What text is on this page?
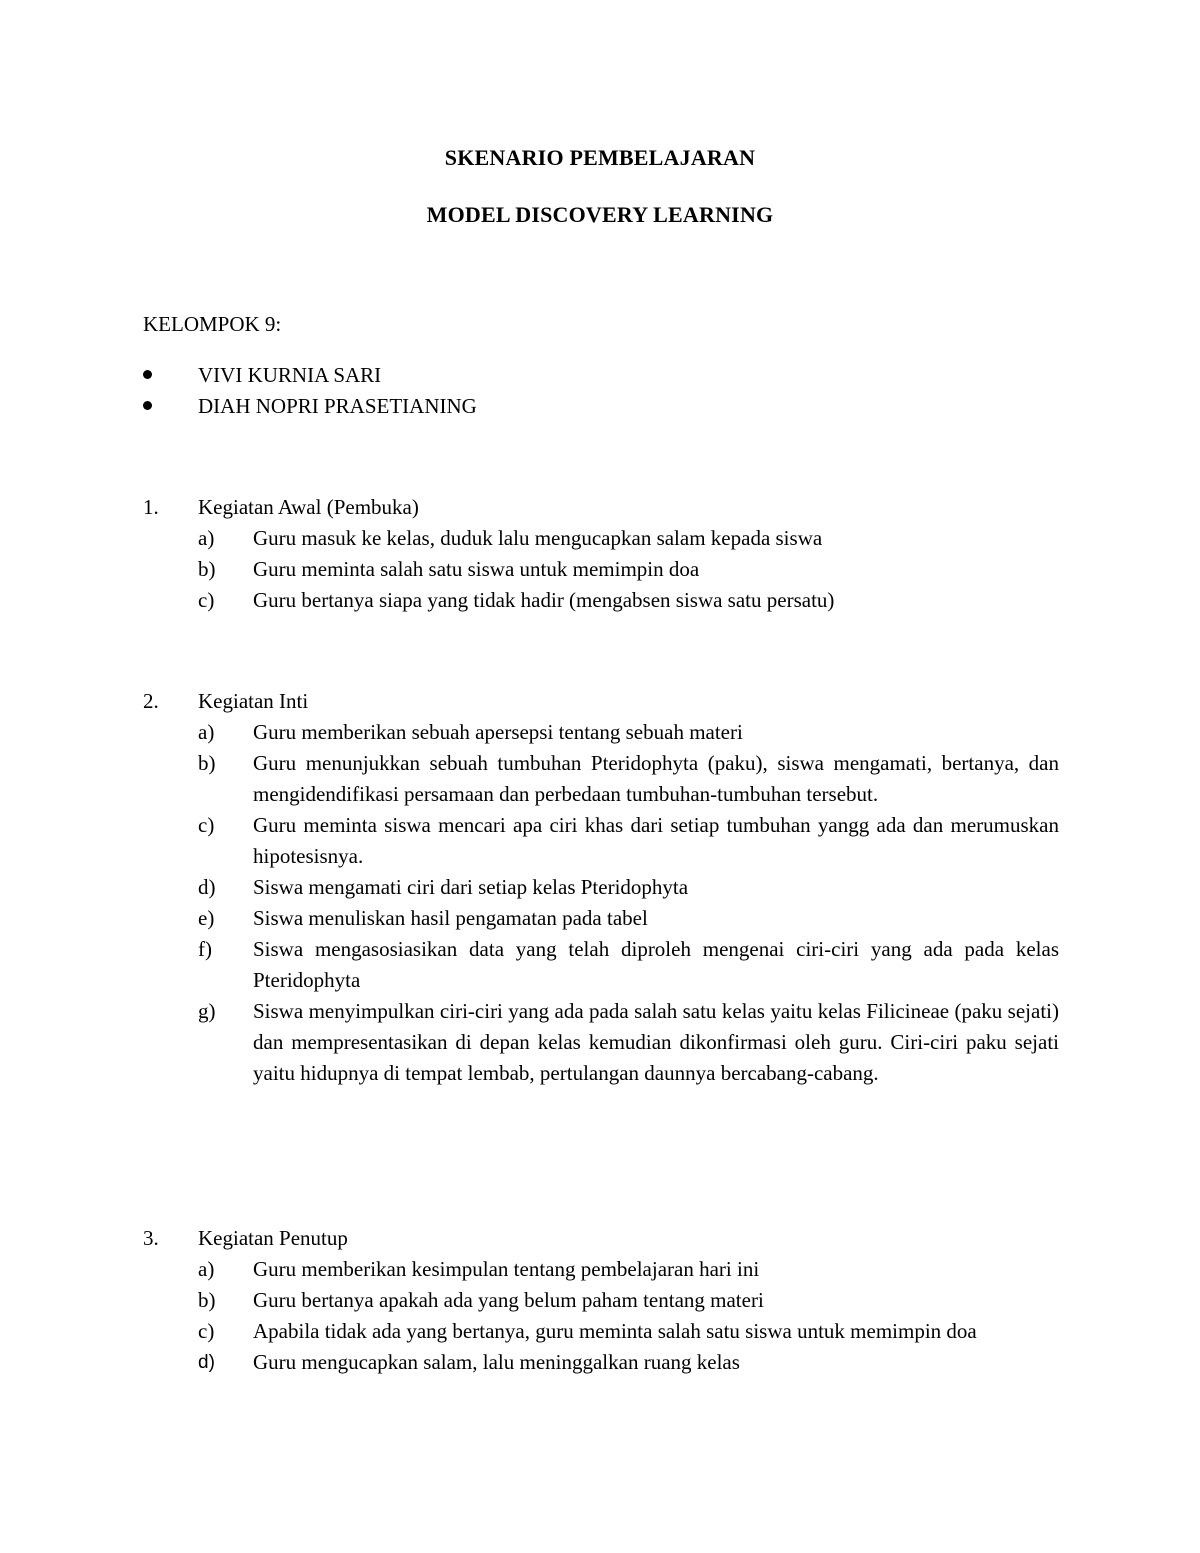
SKENARIO PEMBELAJARAN
MODEL DISCOVERY LEARNING
KELOMPOK 9:
VIVI KURNIA SARI
DIAH NOPRI PRASETIANING
1. Kegiatan Awal (Pembuka)
a) Guru masuk ke kelas, duduk lalu mengucapkan salam kepada siswa
b) Guru meminta salah satu siswa untuk memimpin doa
c) Guru bertanya siapa yang tidak hadir (mengabsen siswa satu persatu)
2. Kegiatan Inti
a) Guru memberikan sebuah apersepsi tentang sebuah materi
b) Guru menunjukkan sebuah tumbuhan Pteridophyta (paku), siswa mengamati, bertanya, dan mengidendifikasi persamaan dan perbedaan tumbuhan-tumbuhan tersebut.
c) Guru meminta siswa mencari apa ciri khas dari setiap tumbuhan yangg ada dan merumuskan hipotesisnya.
d) Siswa mengamati ciri dari setiap kelas Pteridophyta
e) Siswa menuliskan hasil pengamatan pada tabel
f) Siswa mengasosiasikan data yang telah diproleh mengenai ciri-ciri yang ada pada kelas Pteridophyta
g) Siswa menyimpulkan ciri-ciri yang ada pada salah satu kelas yaitu kelas Filicineae (paku sejati) dan mempresentasikan di depan kelas kemudian dikonfirmasi oleh guru. Ciri-ciri paku sejati yaitu hidupnya di tempat lembab, pertulangan daunnya bercabang-cabang.
3. Kegiatan Penutup
a) Guru memberikan kesimpulan tentang pembelajaran hari ini
b) Guru bertanya apakah ada yang belum paham tentang materi
c) Apabila tidak ada yang bertanya, guru meminta salah satu siswa untuk memimpin doa
d) Guru mengucapkan salam, lalu meninggalkan ruang kelas
